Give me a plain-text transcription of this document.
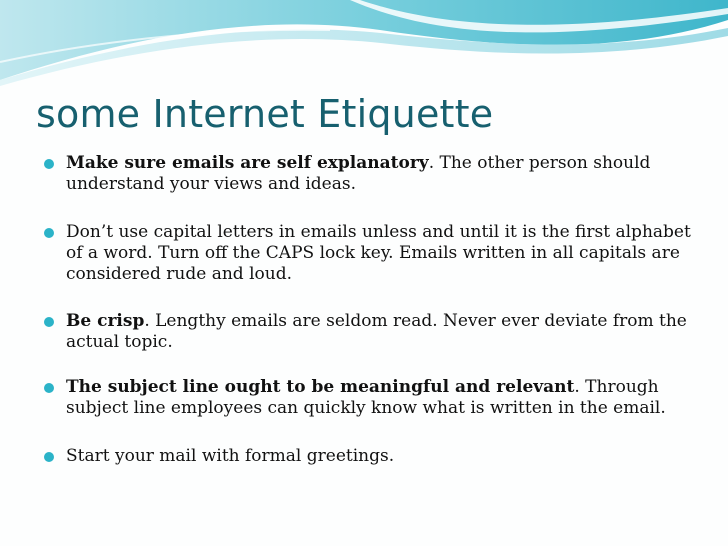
some Internet Etiquette
Make sure emails are self explanatory. The other person should understand your views and ideas.
Don’t use capital letters in emails unless and until it is the first alphabet of a word. Turn off the CAPS lock key. Emails written in all capitals are considered rude and loud.
Be crisp. Lengthy emails are seldom read. Never ever deviate from the actual topic.
The subject line ought to be meaningful and relevant. Through subject line employees can quickly know what is written in the email.
Start your mail with formal greetings.
